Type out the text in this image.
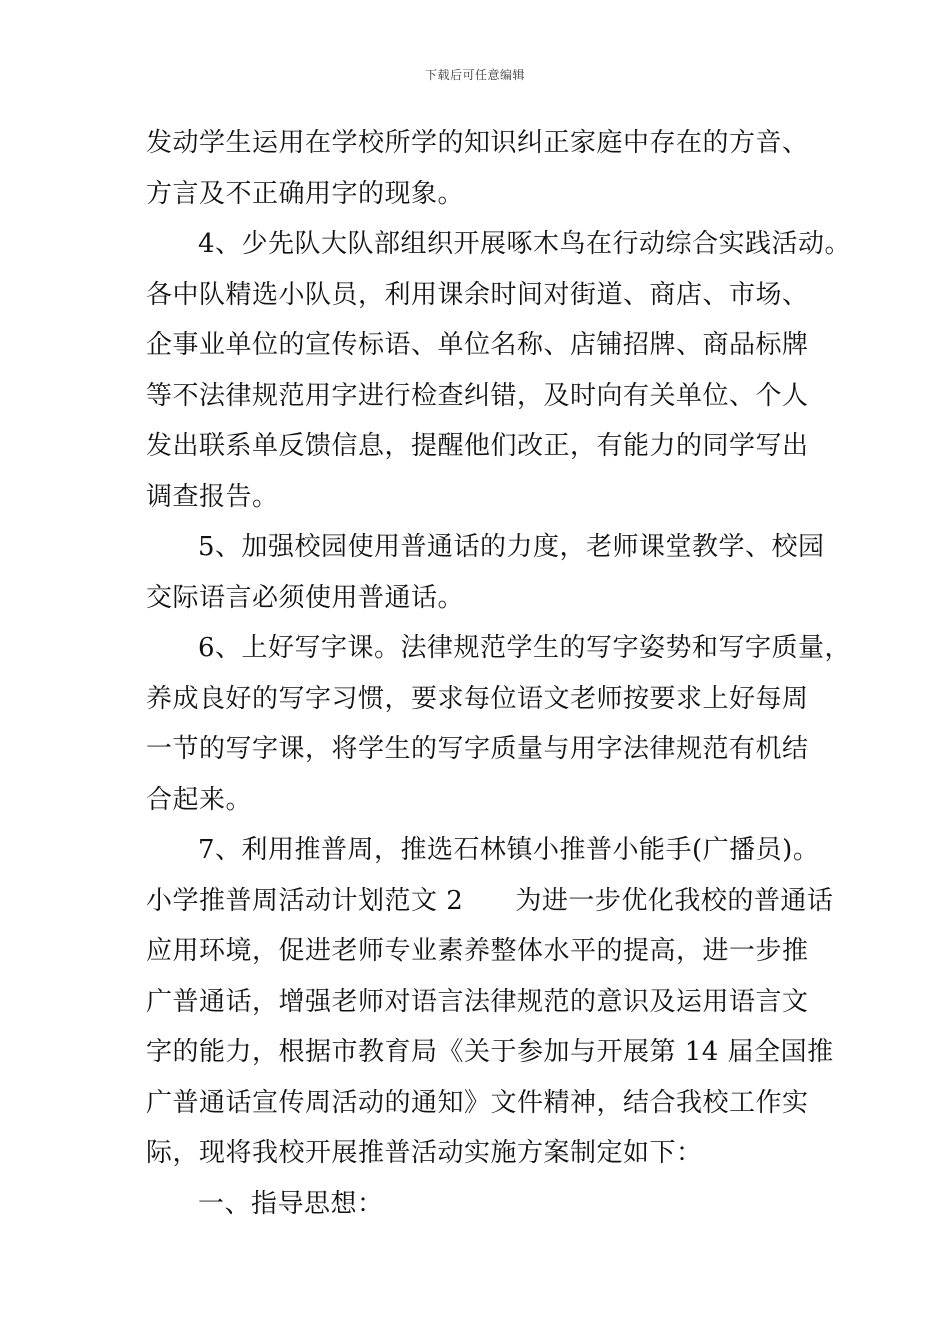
下载后可任意编辑
发动学生运用在学校所学的知识纠正家庭中存在的方音、
方言及不正确用字的现象。
4、少先队大队部组织开展啄木鸟在行动综合实践活动。
各中队精选小队员，利用课余时间对街道、商店、市场、
企事业单位的宣传标语、单位名称、店铺招牌、商品标牌
等不法律规范用字进行检查纠错，及时向有关单位、个人
发出联系单反馈信息，提醒他们改正，有能力的同学写出
调查报告。
5、加强校园使用普通话的力度，老师课堂教学、校园
交际语言必须使用普通话。
6、上好写字课。法律规范学生的写字姿势和写字质量，
养成良好的写字习惯，要求每位语文老师按要求上好每周
一节的写字课，将学生的写字质量与用字法律规范有机结
合起来。
7、利用推普周，推选石林镇小推普小能手(广播员)。
小学推普周活动计划范文 2 为进一步优化我校的普通话
应用环境，促进老师专业素养整体水平的提高，进一步推
广普通话，增强老师对语言法律规范的意识及运用语言文
字的能力，根据市教育局《关于参加与开展第 14 届全国推
广普通话宣传周活动的通知》文件精神，结合我校工作实
际，现将我校开展推普活动实施方案制定如下：
一、指导思想：
